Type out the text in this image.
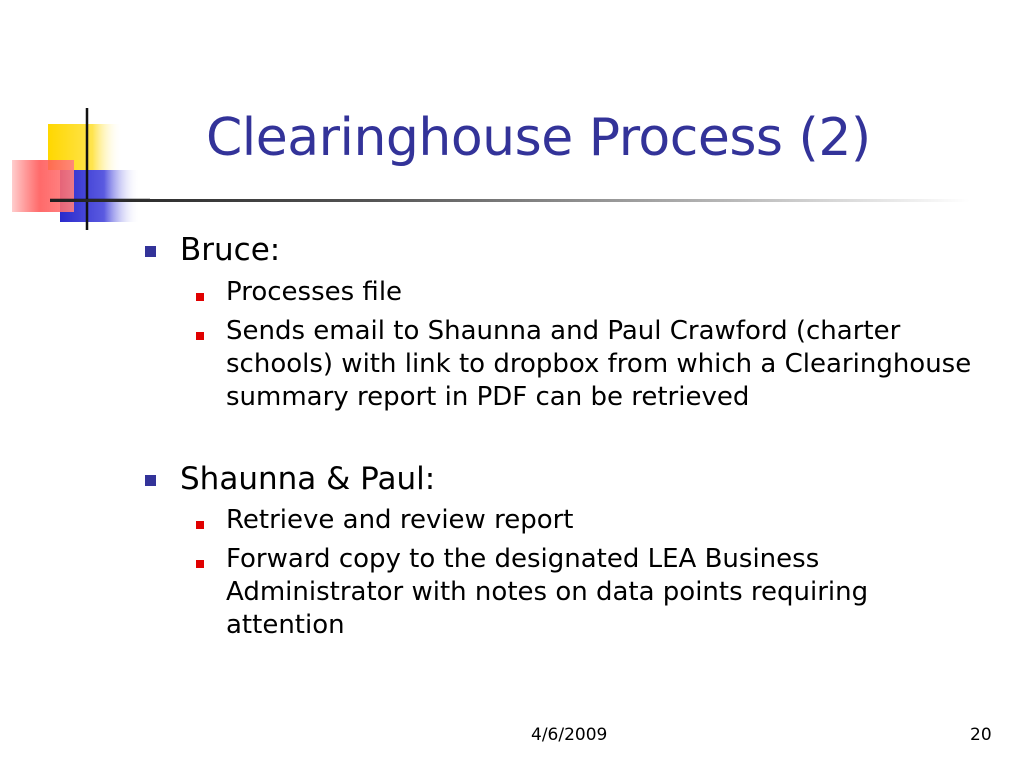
Clearinghouse Process (2)
Bruce:
Processes file
Sends email to Shaunna and Paul Crawford (charter schools) with link to dropbox from which a Clearinghouse summary report in PDF can be retrieved
Shaunna & Paul:
Retrieve and review report
Forward copy to the designated LEA Business Administrator with notes on data points requiring attention
4/6/2009	20
